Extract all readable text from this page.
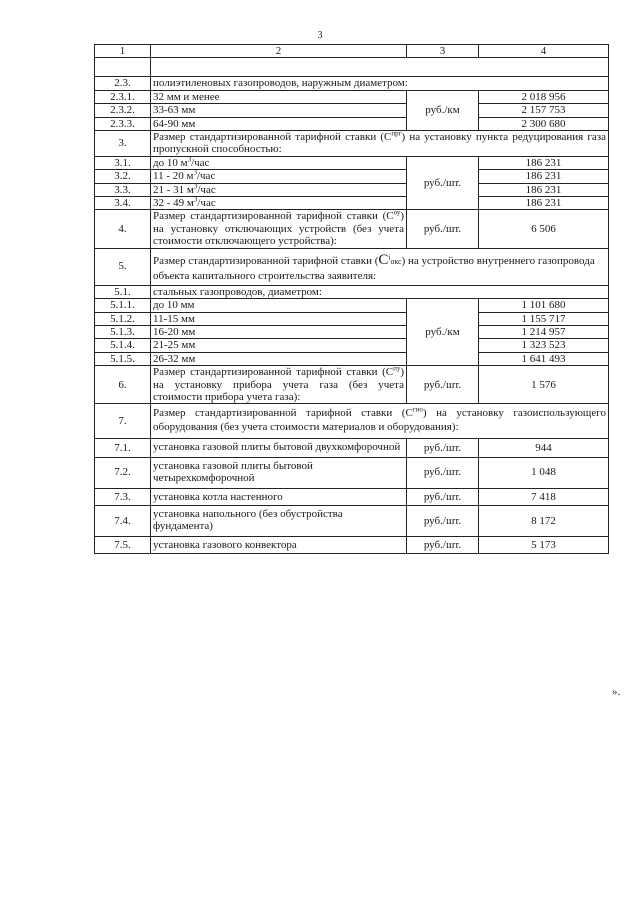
3
1	2	3	4

2.3.	полиэтиленовых газопроводов, наружным диаметром:		
2.3.1.	32 мм и менее	руб./км	2 018 956
2.3.2.	33-63 мм		2 157 753
2.3.3.	64-90 мм		2 300 680
3.	Размер стандартизированной тарифной ставки $(С^{прг})$ на установку пункта редуцирования газа пропускной способностью:		
3.1.	до 10 $м^3$/час	руб./шт.	186 231
3.2.	11 - 20 $м^3$/час		186 231
3.3.	21 - 31 $м^3$/час		186 231
3.4.	32 - 49 $м^3$/час		186 231
4.	Размер стандартизированной тарифной ставки $(С^{оу})$ на установку отключающих устройств (без учета стоимости отключающего устройства):	руб./шт.	6 506
5.	Размер стандартизированной тарифной ставки $(C^iокс)$ на устройство внутреннего газопровода объекта капитального строительства заявителя:		
5.1.	стальных газопроводов, диаметром:		
5.1.1.	до 10 мм	руб./км	1 101 680
5.1.2.	11-15 мм		1 155 717
5.1.3.	16-20 мм		1 214 957
5.1.4.	21-25 мм		1 323 523
5.1.5.	26-32 мм		1 641 493
6.	Размер стандартизированной тарифной ставки $(С^{пу})$ на установку прибора учета газа (без учета стоимости прибора учета газа):	руб./шт.	1 576
7.	Размер стандартизированной тарифной ставки $(С^{гио})$ на установку газоиспользующего оборудования (без учета стоимости материалов и оборудования):		
7.1.	установка газовой плиты бытовой двухкомфорочной	руб./шт.	944
7.2.	установка газовой плиты бытовой четырехкомфорочной	руб./шт.	1 048
7.3.	установка котла настенного	руб./шт.	7 418
7.4.	установка напольного (без обустройства фундамента)	руб./шт.	8 172
7.5.	установка газового конвектора	руб./шт.	5 173
».
